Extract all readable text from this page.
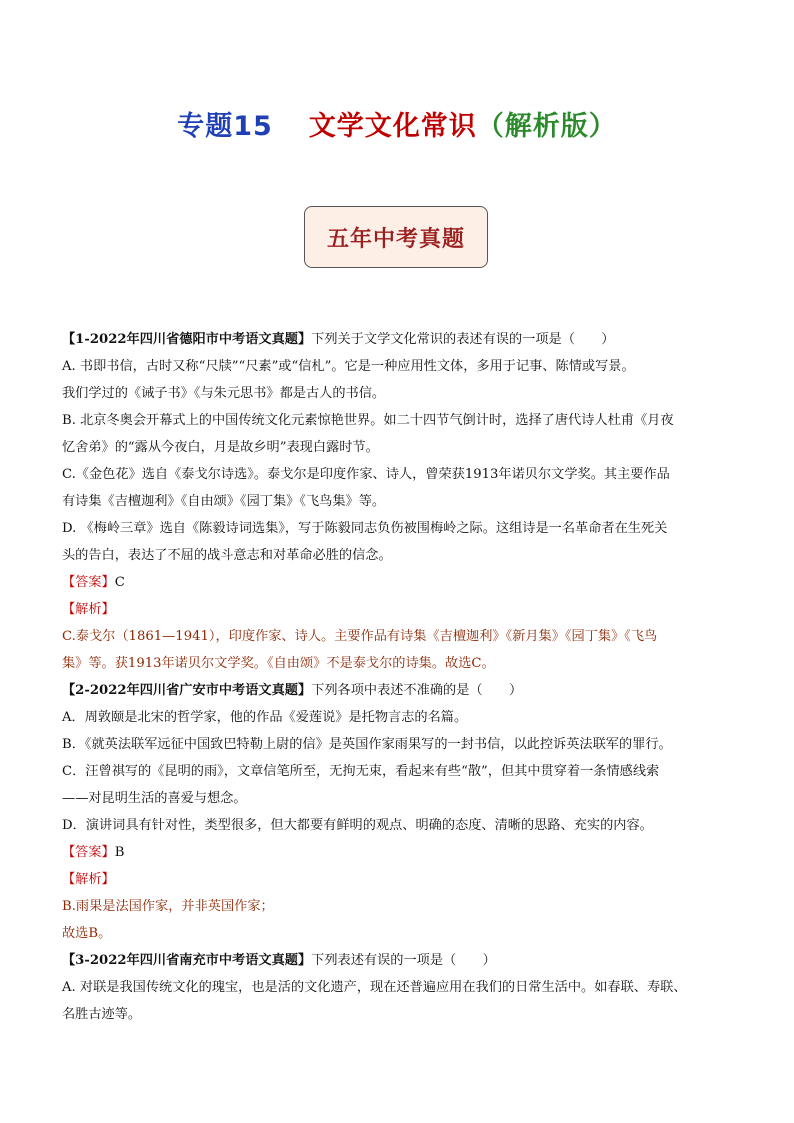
专题15 文学文化常识（解析版）
五年中考真题

【1-2022年四川省德阳市中考语文真题】下列关于文学文化常识的表述有误的一项是（　　）

A. 书即书信，古时又称“尺牍”“尺素”或“信札”。它是一种应用性文体，多用于记事、陈情或写景。

我们学过的《诫子书》《与朱元思书》都是古人的书信。

B. 北京冬奥会开幕式上的中国传统文化元素惊艳世界。如二十四节气倒计时，选择了唐代诗人杜甫《月夜

忆舍弟》的“露从今夜白，月是故乡明”表现白露时节。

C.《金色花》选自《泰戈尔诗选》。泰戈尔是印度作家、诗人，曾荣获1913年诺贝尔文学奖。其主要作品

有诗集《吉檀迦利》《自由颂》《园丁集》《飞鸟集》等。

D. 《梅岭三章》选自《陈毅诗词选集》，写于陈毅同志负伤被围梅岭之际。这组诗是一名革命者在生死关

头的告白，表达了不屈的战斗意志和对革命必胜的信念。

【答案】C

【解析】

C.泰戈尔（1861—1941），印度作家、诗人。主要作品有诗集《吉檀迦利》《新月集》《园丁集》《飞鸟

集》等。获1913年诺贝尔文学奖。《自由颂》不是泰戈尔的诗集。故选C。

【2-2022年四川省广安市中考语文真题】下列各项中表述不准确的是（　　）

A．周敦颐是北宋的哲学家，他的作品《爱莲说》是托物言志的名篇。

B．《就英法联军远征中国致巴特勒上尉的信》是英国作家雨果写的一封书信，以此控诉英法联军的罪行。

C．汪曾祺写的《昆明的雨》，文章信笔所至，无拘无束，看起来有些“散”，但其中贯穿着一条情感线索

——对昆明生活的喜爱与想念。

D．演讲词具有针对性，类型很多，但大都要有鲜明的观点、明确的态度、清晰的思路、充实的内容。

【答案】B

【解析】

B.雨果是法国作家，并非英国作家；

故选B。

【3-2022年四川省南充市中考语文真题】下列表述有误的一项是（　　）

A. 对联是我国传统文化的瑰宝，也是活的文化遗产，现在还普遍应用在我们的日常生活中。如春联、寿联、

名胜古迹等。
